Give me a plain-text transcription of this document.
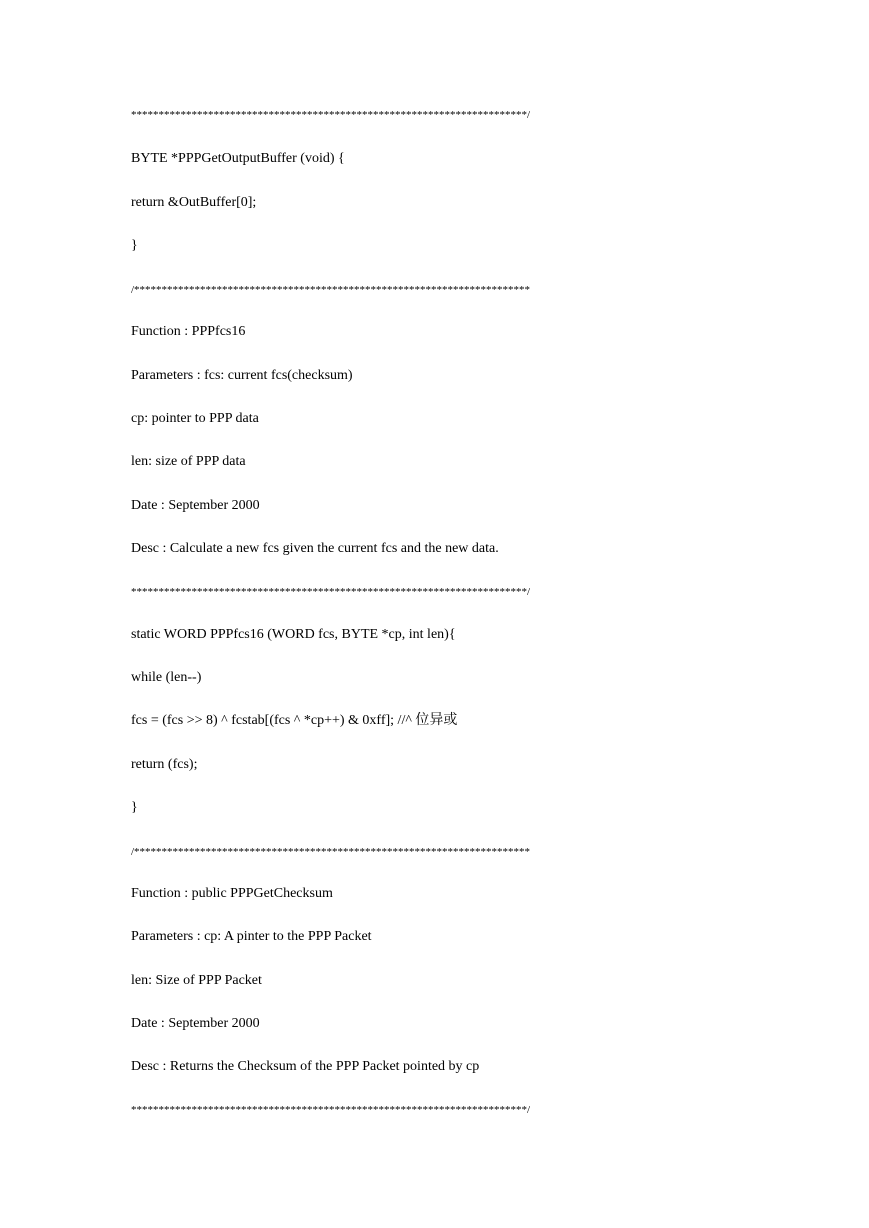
************************************************************************/

BYTE *PPPGetOutputBuffer (void) {

return &OutBuffer[0];

}

/************************************************************************

Function : PPPfcs16

Parameters : fcs: current fcs(checksum)

cp: pointer to PPP data

len: size of PPP data

Date : September 2000

Desc : Calculate a new fcs given the current fcs and the new data.

************************************************************************/

static WORD PPPfcs16 (WORD fcs, BYTE *cp, int len){

while (len--)

fcs = (fcs >> 8) ^ fcstab[(fcs ^ *cp++) & 0xff]; //^ 位异或

return (fcs);

}

/************************************************************************

Function : public PPPGetChecksum

Parameters : cp: A pinter to the PPP Packet

len: Size of PPP Packet

Date : September 2000

Desc : Returns the Checksum of the PPP Packet pointed by cp

************************************************************************/
